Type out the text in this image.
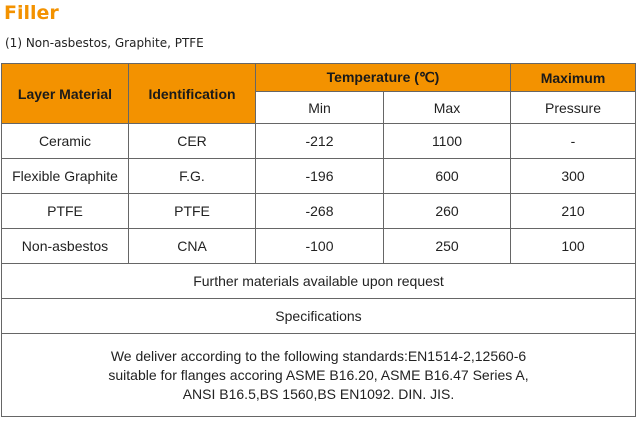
Filler
(1) Non-asbestos, Graphite, PTFE
Layer Material	Identification	Temperature (℃)		Maximum
		Min	Max	Pressure
Ceramic	CER	-212	1100	-
Flexible Graphite	F.G.	-196	600	300
PTFE	PTFE	-268	260	210
Non-asbestos	CNA	-100	250	100
Further materials available upon request				
Specifications				

We deliver according to the following standards:EN1514-2,12560-6
suitable for flanges accoring ASME B16.20, ASME B16.47 Series A,
ANSI B16.5,BS 1560,BS EN1092. DIN. JIS.				
